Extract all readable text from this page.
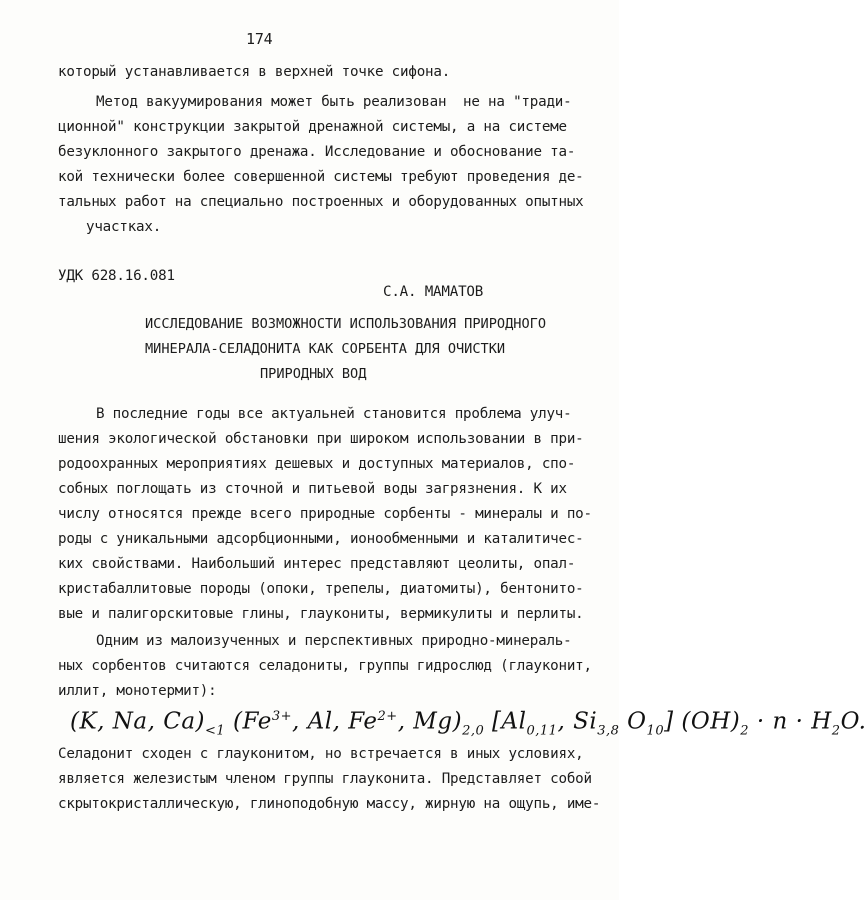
174
который устанавливается в верхней точке сифона.
Метод вакуумирования может быть реализован  не на "тради-
ционной" конструкции закрытой дренажной системы, а на системе
безуклонного закрытого дренажа. Исследование и обоснование та-
кой технически более совершенной системы требуют проведения де-
тальных работ на специально построенных и оборудованных опытных
участках.
УДК 628.16.081
С.А. МАМАТОВ
ИССЛЕДОВАНИЕ ВОЗМОЖНОСТИ ИСПОЛЬЗОВАНИЯ ПРИРОДНОГО
МИНЕРАЛА-СЕЛАДОНИТА КАК СОРБЕНТА ДЛЯ ОЧИСТКИ
ПРИРОДНЫХ ВОД
В последние годы все актуальней становится проблема улуч-
шения экологической обстановки при широком использовании в при-
родоохранных мероприятиях дешевых и доступных материалов, спо-
собных поглощать из сточной и питьевой воды загрязнения. К их
числу относятся прежде всего природные сорбенты - минералы и по-
роды с уникальными адсорбционными, ионообменными и каталитичес-
ких свойствами. Наибольший интерес представляют цеолиты, опал-
кристабаллитовые породы (опоки, трепелы, диатомиты), бентонито-
вые и палигорскитовые глины, глаукониты, вермикулиты и перлиты.
Одним из малоизученных и перспективных природно-минераль-
ных сорбентов считаются селадониты, группы гидрослюд (глауконит,
иллит, монотермит):
(K, Na, $Ca)_{<1}$ ($Fe^{3+}$, Al, $Fe^{2+}$, $Mg)_{2,0}$ [$Al_{0,11}$, $Si_{3,8}$ $O_{10}$] $(OH)_2 \cdot n \cdot H_2O$.
Селадонит сходен с глауконитом, но встречается в иных условиях,
является железистым членом группы глауконита. Представляет собой
скрытокристаллическую, глиноподобную массу, жирную на ощупь, име-
